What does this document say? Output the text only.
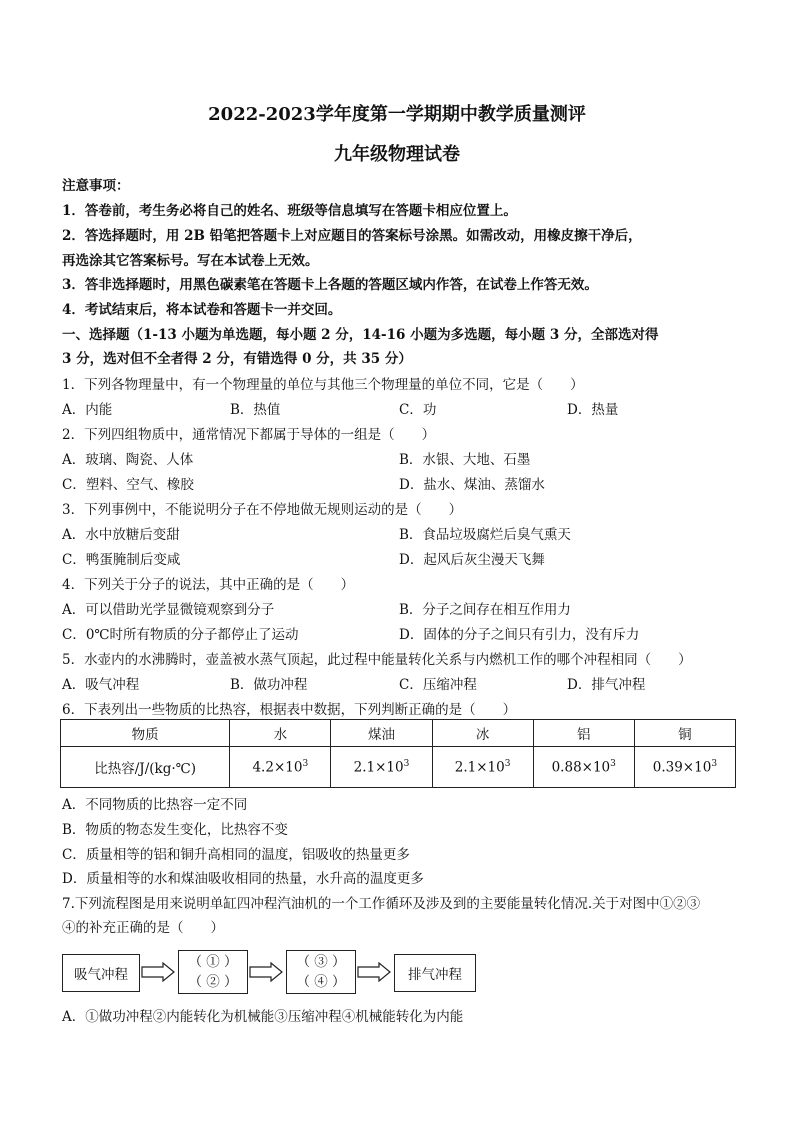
2022-2023学年度第一学期期中教学质量测评
九年级物理试卷
注意事项：
1．答卷前，考生务必将自己的姓名、班级等信息填写在答题卡相应位置上。
2．答选择题时，用 2B 铅笔把答题卡上对应题目的答案标号涂黑。如需改动，用橡皮擦干净后，
再选涂其它答案标号。写在本试卷上无效。
3．答非选择题时，用黑色碳素笔在答题卡上各题的答题区域内作答，在试卷上作答无效。
4．考试结束后，将本试卷和答题卡一并交回。
一、选择题（1-13 小题为单选题，每小题 2 分，14-16 小题为多选题，每小题 3 分，全部选对得
3 分，选对但不全者得 2 分，有错选得 0 分，共 35 分）
1．下列各物理量中，有一个物理量的单位与其他三个物理量的单位不同，它是（　　）
A．内能	B．热值	C．功	D．热量
2．下列四组物质中，通常情况下都属于导体的一组是（　　）
A．玻璃、陶瓷、人体	B．水银、大地、石墨
C．塑料、空气、橡胶	D．盐水、煤油、蒸馏水
3．下列事例中，不能说明分子在不停地做无规则运动的是（　　）
A．水中放糖后变甜	B．食品垃圾腐烂后臭气熏天
C．鸭蛋腌制后变咸	D．起风后灰尘漫天飞舞
4．下列关于分子的说法，其中正确的是（　　）
A．可以借助光学显微镜观察到分子	B．分子之间存在相互作用力
C．0℃时所有物质的分子都停止了运动	D．固体的分子之间只有引力，没有斥力
5．水壶内的水沸腾时，壶盖被水蒸气顶起，此过程中能量转化关系与内燃机工作的哪个冲程相同（　　）
A．吸气冲程	B．做功冲程	C．压缩冲程	D．排气冲程
6．下表列出一些物质的比热容，根据表中数据，下列判断正确的是（　　）
物质	水	煤油	冰	铝	铜
比热容/J/(kg·℃)	$4.2\times 10^3$	$2.1\times 10^3$	$2.1\times 10^3$	$0.88\times 10^3$	$0.39\times 10^3$
A．不同物质的比热容一定不同
B．物质的物态发生变化，比热容不变
C．质量相等的铝和铜升高相同的温度，铝吸收的热量更多
D．质量相等的水和煤油吸收相同的热量，水升高的温度更多
7.下列流程图是用来说明单缸四冲程汽油机的一个工作循环及涉及到的主要能量转化情况.关于对图中①②③
④的补充正确的是（　　）
吸气冲程
（ ① ）
（ ② ）
（ ③ ）
（ ④ ）	排气冲程
A．①做功冲程②内能转化为机械能③压缩冲程④机械能转化为内能
